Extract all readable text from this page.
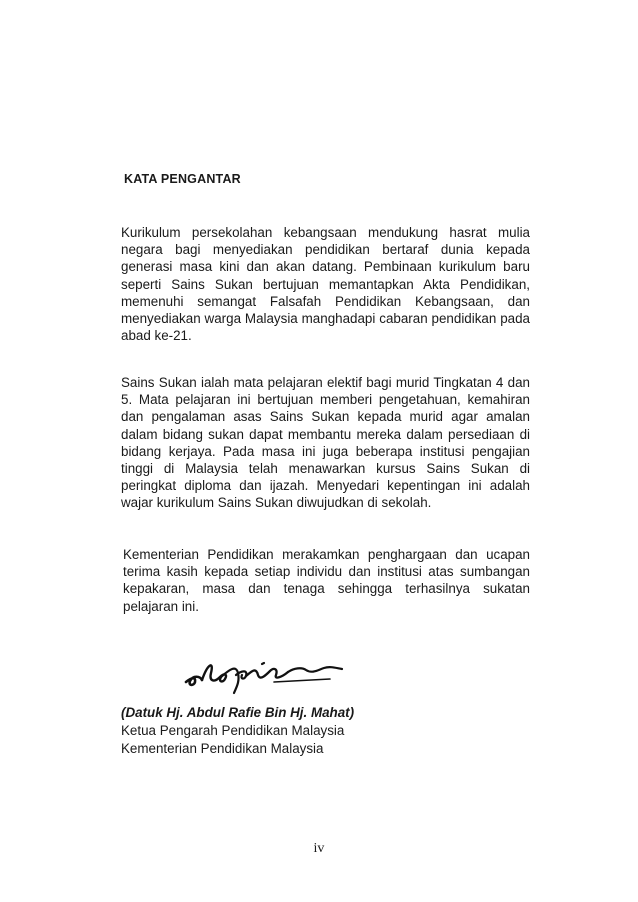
KATA PENGANTAR

Kurikulum persekolahan kebangsaan mendukung hasrat mulia negara bagi menyediakan pendidikan bertaraf dunia kepada generasi masa kini dan akan datang. Pembinaan kurikulum baru seperti Sains Sukan bertujuan memantapkan Akta Pendidikan, memenuhi semangat Falsafah Pendidikan Kebangsaan, dan menyediakan warga Malaysia manghadapi cabaran pendidikan pada abad ke-21.

Sains Sukan ialah mata pelajaran elektif bagi murid Tingkatan 4 dan 5. Mata pelajaran ini bertujuan memberi pengetahuan, kemahiran dan pengalaman asas Sains Sukan kepada murid agar amalan dalam bidang sukan dapat membantu mereka dalam persediaan di bidang kerjaya. Pada masa ini juga beberapa institusi pengajian tinggi di Malaysia telah menawarkan kursus Sains Sukan di peringkat diploma dan ijazah. Menyedari kepentingan ini adalah wajar kurikulum Sains Sukan diwujudkan di sekolah.

Kementerian Pendidikan merakamkan penghargaan dan ucapan terima kasih kepada setiap individu dan institusi atas sumbangan kepakaran, masa dan tenaga sehingga terhasilnya sukatan pelajaran ini.

(Datuk Hj. Abdul Rafie Bin Hj. Mahat)
Ketua Pengarah Pendidikan Malaysia
Kementerian Pendidikan Malaysia
iv
